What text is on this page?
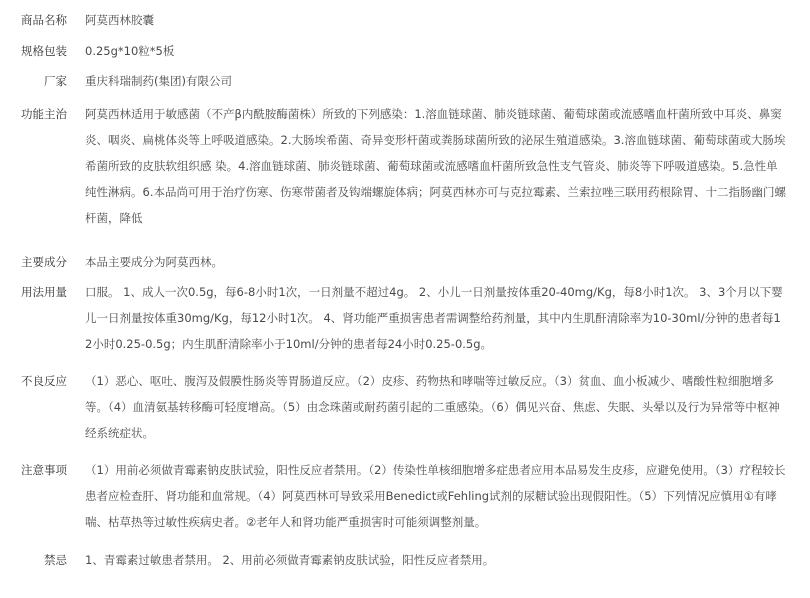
商品名称 阿莫西林胶囊
规格包装 0.25g*10粒*5板
厂家 重庆科瑞制药(集团)有限公司
功能主治 阿莫西林适用于敏感菌（不产β内酰胺酶菌株）所致的下列感染：1.溶血链球菌、肺炎链球菌、葡萄球菌或流感嗜血杆菌所致中耳炎、鼻窦炎、咽炎、扁桃体炎等上呼吸道感染。2.大肠埃希菌、奇异变形杆菌或粪肠球菌所致的泌尿生殖道感染。3.溶血链球菌、葡萄球菌或大肠埃希菌所致的皮肤软组织感 染。4.溶血链球菌、肺炎链球菌、葡萄球菌或流感嗜血杆菌所致急性支气管炎、肺炎等下呼吸道感染。5.急性单纯性淋病。6.本品尚可用于治疗伤寒、伤寒带菌者及钩端螺旋体病；阿莫西林亦可与克拉霉素、兰索拉唑三联用药根除胃、十二指肠幽门螺杆菌，降低
主要成分 本品主要成分为阿莫西林。
用法用量 口服。 1、成人一次0.5g，每6-8小时1次，一日剂量不超过4g。 2、小儿一日剂量按体重20-40mg/Kg，每8小时1次。 3、3个月以下婴儿一日剂量按体重30mg/Kg，每12小时1次。 4、肾功能严重损害患者需调整给药剂量，其中内生肌酐清除率为10-30ml/分钟的患者每12小时0.25-0.5g；内生肌酐清除率小于10ml/分钟的患者每24小时0.25-0.5g。
不良反应 （1）恶心、呕吐、腹泻及假膜性肠炎等胃肠道反应。（2）皮疹、药物热和哮喘等过敏反应。（3）贫血、血小板减少、嗜酸性粒细胞增多等。（4）血清氨基转移酶可轻度增高。（5）由念珠菌或耐药菌引起的二重感染。（6）偶见兴奋、焦虑、失眠、头晕以及行为异常等中枢神经系统症状。
注意事项 （1）用前必须做青霉素钠皮肤试验，阳性反应者禁用。（2）传染性单核细胞增多症患者应用本品易发生皮疹，应避免使用。（3）疗程较长患者应检查肝、肾功能和血常规。（4）阿莫西林可导致采用Benedict或Fehling试剂的尿糖试验出现假阳性。（5）下列情况应慎用①有哮喘、枯草热等过敏性疾病史者。②老年人和肾功能严重损害时可能须调整剂量。
禁忌 1、青霉素过敏患者禁用。 2、用前必须做青霉素钠皮肤试验，阳性反应者禁用。
